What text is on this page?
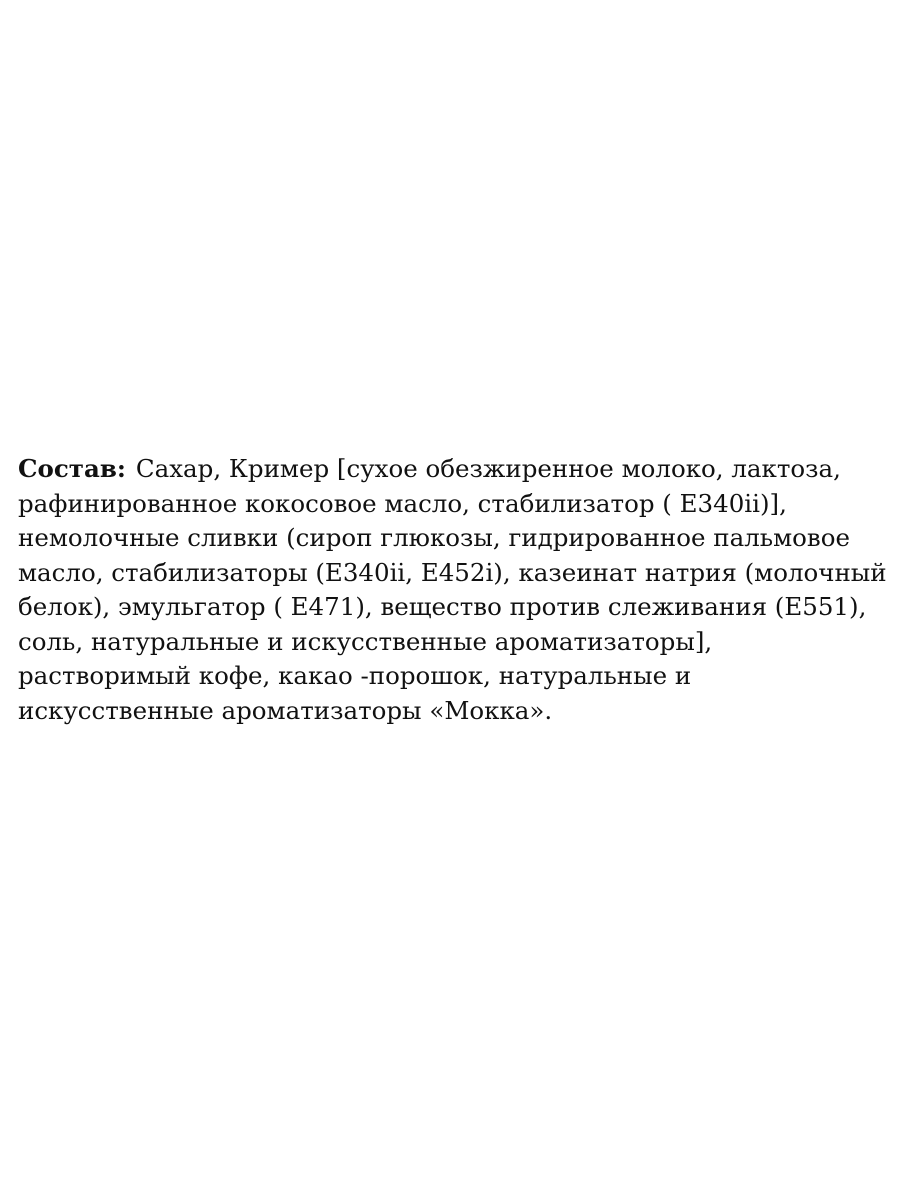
Состав: Сахар, Кример [сухое обезжиренное молоко, лактоза,
рафинированное кокосовое масло, стабилизатор ( Е340ii)],
немолочные сливки (сироп глюкозы, гидрированное пальмовое
масло, стабилизаторы (Е340ii, Е452i), казеинат натрия (молочный
белок), эмульгатор ( Е471), вещество против слеживания (Е551),
соль, натуральные и искусственные ароматизаторы],
растворимый кофе, какао -порошок, натуральные и
искусственные ароматизаторы «Мокка».
